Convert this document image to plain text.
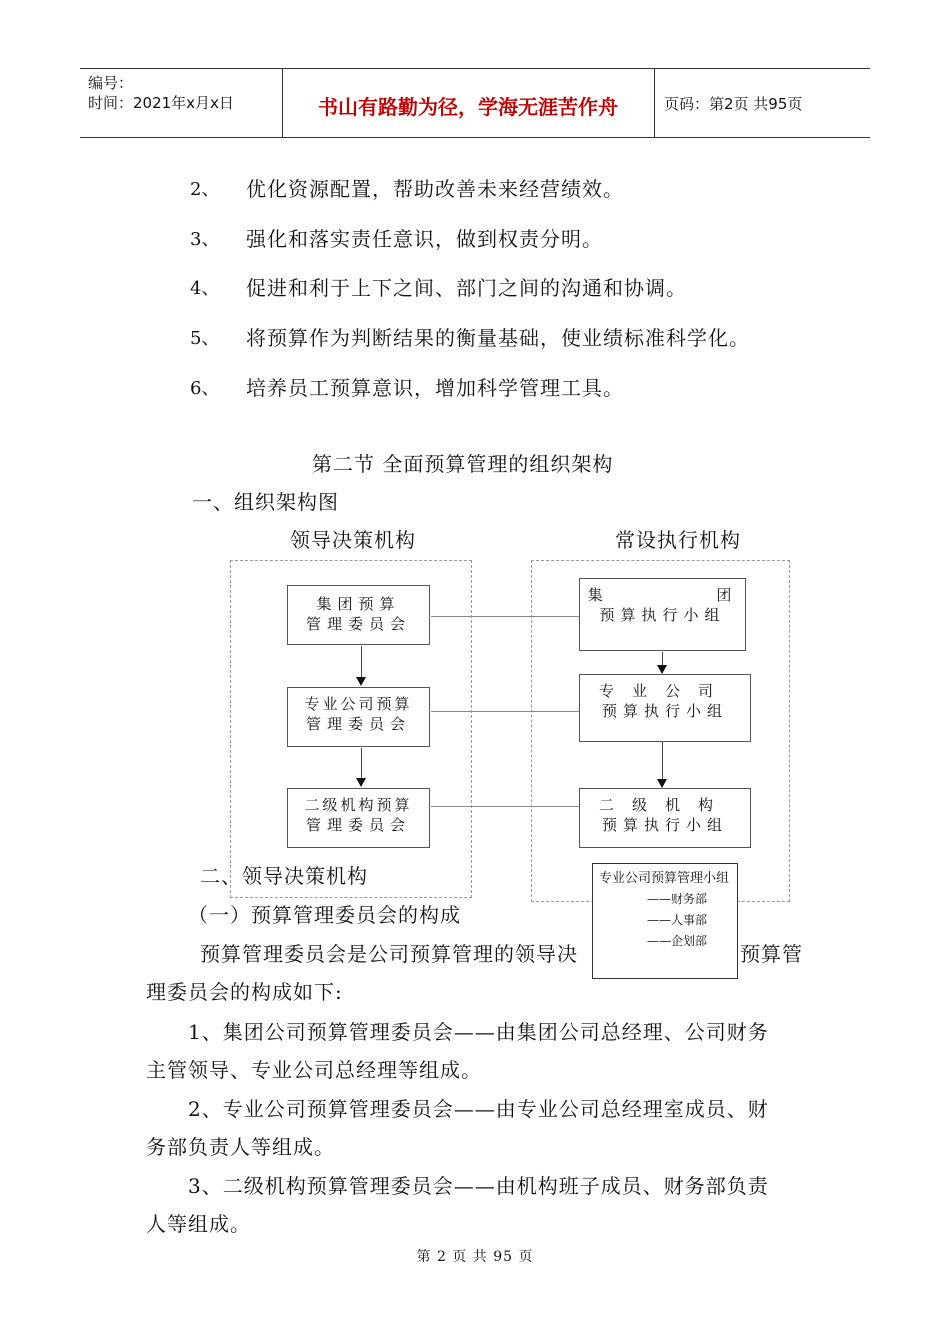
编号：
时间：2021年x月x日	书山有路勤为径，学海无涯苦作舟	页码：第2页 共95页
2、 优化资源配置，帮助改善未来经营绩效。
3、 强化和落实责任意识，做到权责分明。
4、 促进和利于上下之间、部门之间的沟通和协调。
5、 将预算作为判断结果的衡量基础，使业绩标准科学化。
6、 培养员工预算意识，增加科学管理工具。
第二节 全面预算管理的组织架构
一、组织架构图
领导决策机构	常设执行机构
集团预算
管理委员会
专业公司预算
管理委员会
二级机构预算
管理委员会
集          团
预算执行小组
专业公司
预算执行小组
二级机构
预算执行小组
二、领导决策机构
（一）预算管理委员会的构成
预算管理委员会是公司预算管理的领导决	预算管
理委员会的构成如下:
1、集团公司预算管理委员会——由集团公司总经理、公司财务
主管领导、专业公司总经理等组成。
2、专业公司预算管理委员会——由专业公司总经理室成员、财
务部负责人等组成。
3、二级机构预算管理委员会——由机构班子成员、财务部负责
人等组成。
专业公司预算管理小组
——财务部
——人事部
——企划部
第 2 页 共 95 页
